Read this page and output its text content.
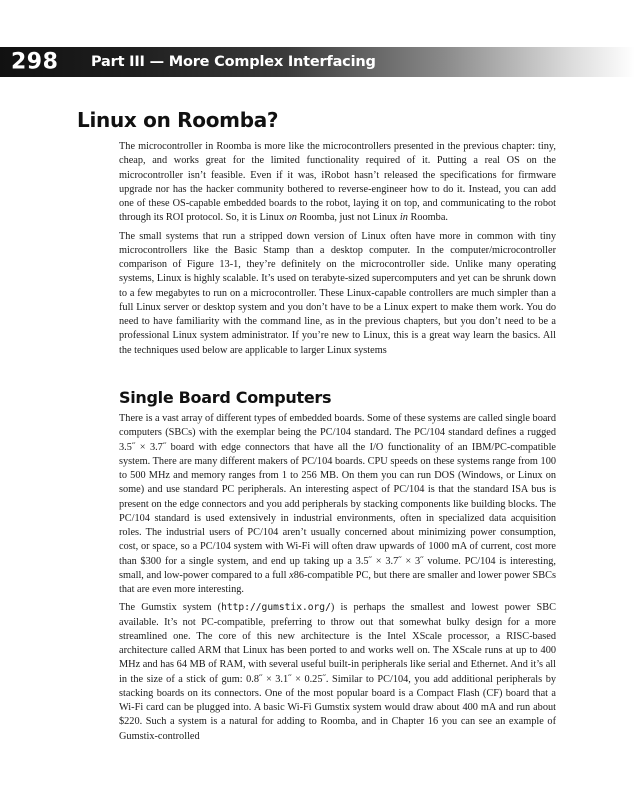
298 Part III — More Complex Interfacing
Linux on Roomba?

The microcontroller in Roomba is more like the microcontrollers presented in the previous chapter: tiny, cheap, and works great for the limited functionality required of it. Putting a real OS on the microcontroller isn’t feasible. Even if it was, iRobot hasn’t released the specifications for firmware upgrade nor has the hacker community bothered to reverse-engineer how to do it. Instead, you can add one of these OS-capable embedded boards to the robot, laying it on top, and communicating to the robot through its ROI protocol. So, it is Linux on Roomba, just not Linux in Roomba.

The small systems that run a stripped down version of Linux often have more in common with tiny microcontrollers like the Basic Stamp than a desktop computer. In the computer/microcontroller comparison of Figure 13-1, they’re definitely on the microcontroller side. Unlike many operating systems, Linux is highly scalable. It’s used on terabyte-sized supercomputers and yet can be shrunk down to a few megabytes to run on a microcontroller. These Linux-capable controllers are much simpler than a full Linux server or desktop system and you don’t have to be a Linux expert to make them work. You do need to have familiarity with the command line, as in the previous chapters, but you don’t need to be a professional Linux system administrator. If you’re new to Linux, this is a great way learn the basics. All the techniques used below are applicable to larger Linux systems

Single Board Computers

There is a vast array of different types of embedded boards. Some of these systems are called single board computers (SBCs) with the exemplar being the PC/104 standard. The PC/104 standard defines a rugged 3.5˝ × 3.7˝ board with edge connectors that have all the I/O functionality of an IBM/PC-compatible system. There are many different makers of PC/104 boards. CPU speeds on these systems range from 100 to 500 MHz and memory ranges from 1 to 256 MB. On them you can run DOS (Windows, or Linux on some) and use standard PC peripherals. An interesting aspect of PC/104 is that the standard ISA bus is present on the edge connectors and you add peripherals by stacking components like building blocks. The PC/104 standard is used extensively in industrial environments, often in specialized data acquisition roles. The industrial users of PC/104 aren’t usually concerned about minimizing power consumption, cost, or space, so a PC/104 system with Wi-Fi will often draw upwards of 1000 mA of current, cost more than $300 for a single system, and end up taking up a 3.5˝ × 3.7˝ × 3˝ volume. PC/104 is interesting, small, and low-power compared to a full x86-compatible PC, but there are smaller and lower power SBCs that are even more interesting.

The Gumstix system (http://gumstix.org/) is perhaps the smallest and lowest power SBC available. It’s not PC-compatible, preferring to throw out that somewhat bulky design for a more streamlined one. The core of this new architecture is the Intel XScale processor, a RISC-based architecture called ARM that Linux has been ported to and works well on. The XScale runs at up to 400 MHz and has 64 MB of RAM, with several useful built-in peripherals like serial and Ethernet. And it’s all in the size of a stick of gum: 0.8˝ × 3.1˝ × 0.25˝. Similar to PC/104, you add additional peripherals by stacking boards on its connectors. One of the most popular board is a Compact Flash (CF) board that a Wi-Fi card can be plugged into. A basic Wi-Fi Gumstix system would draw about 400 mA and run about $220. Such a system is a natural for adding to Roomba, and in Chapter 16 you can see an example of Gumstix-controlled
